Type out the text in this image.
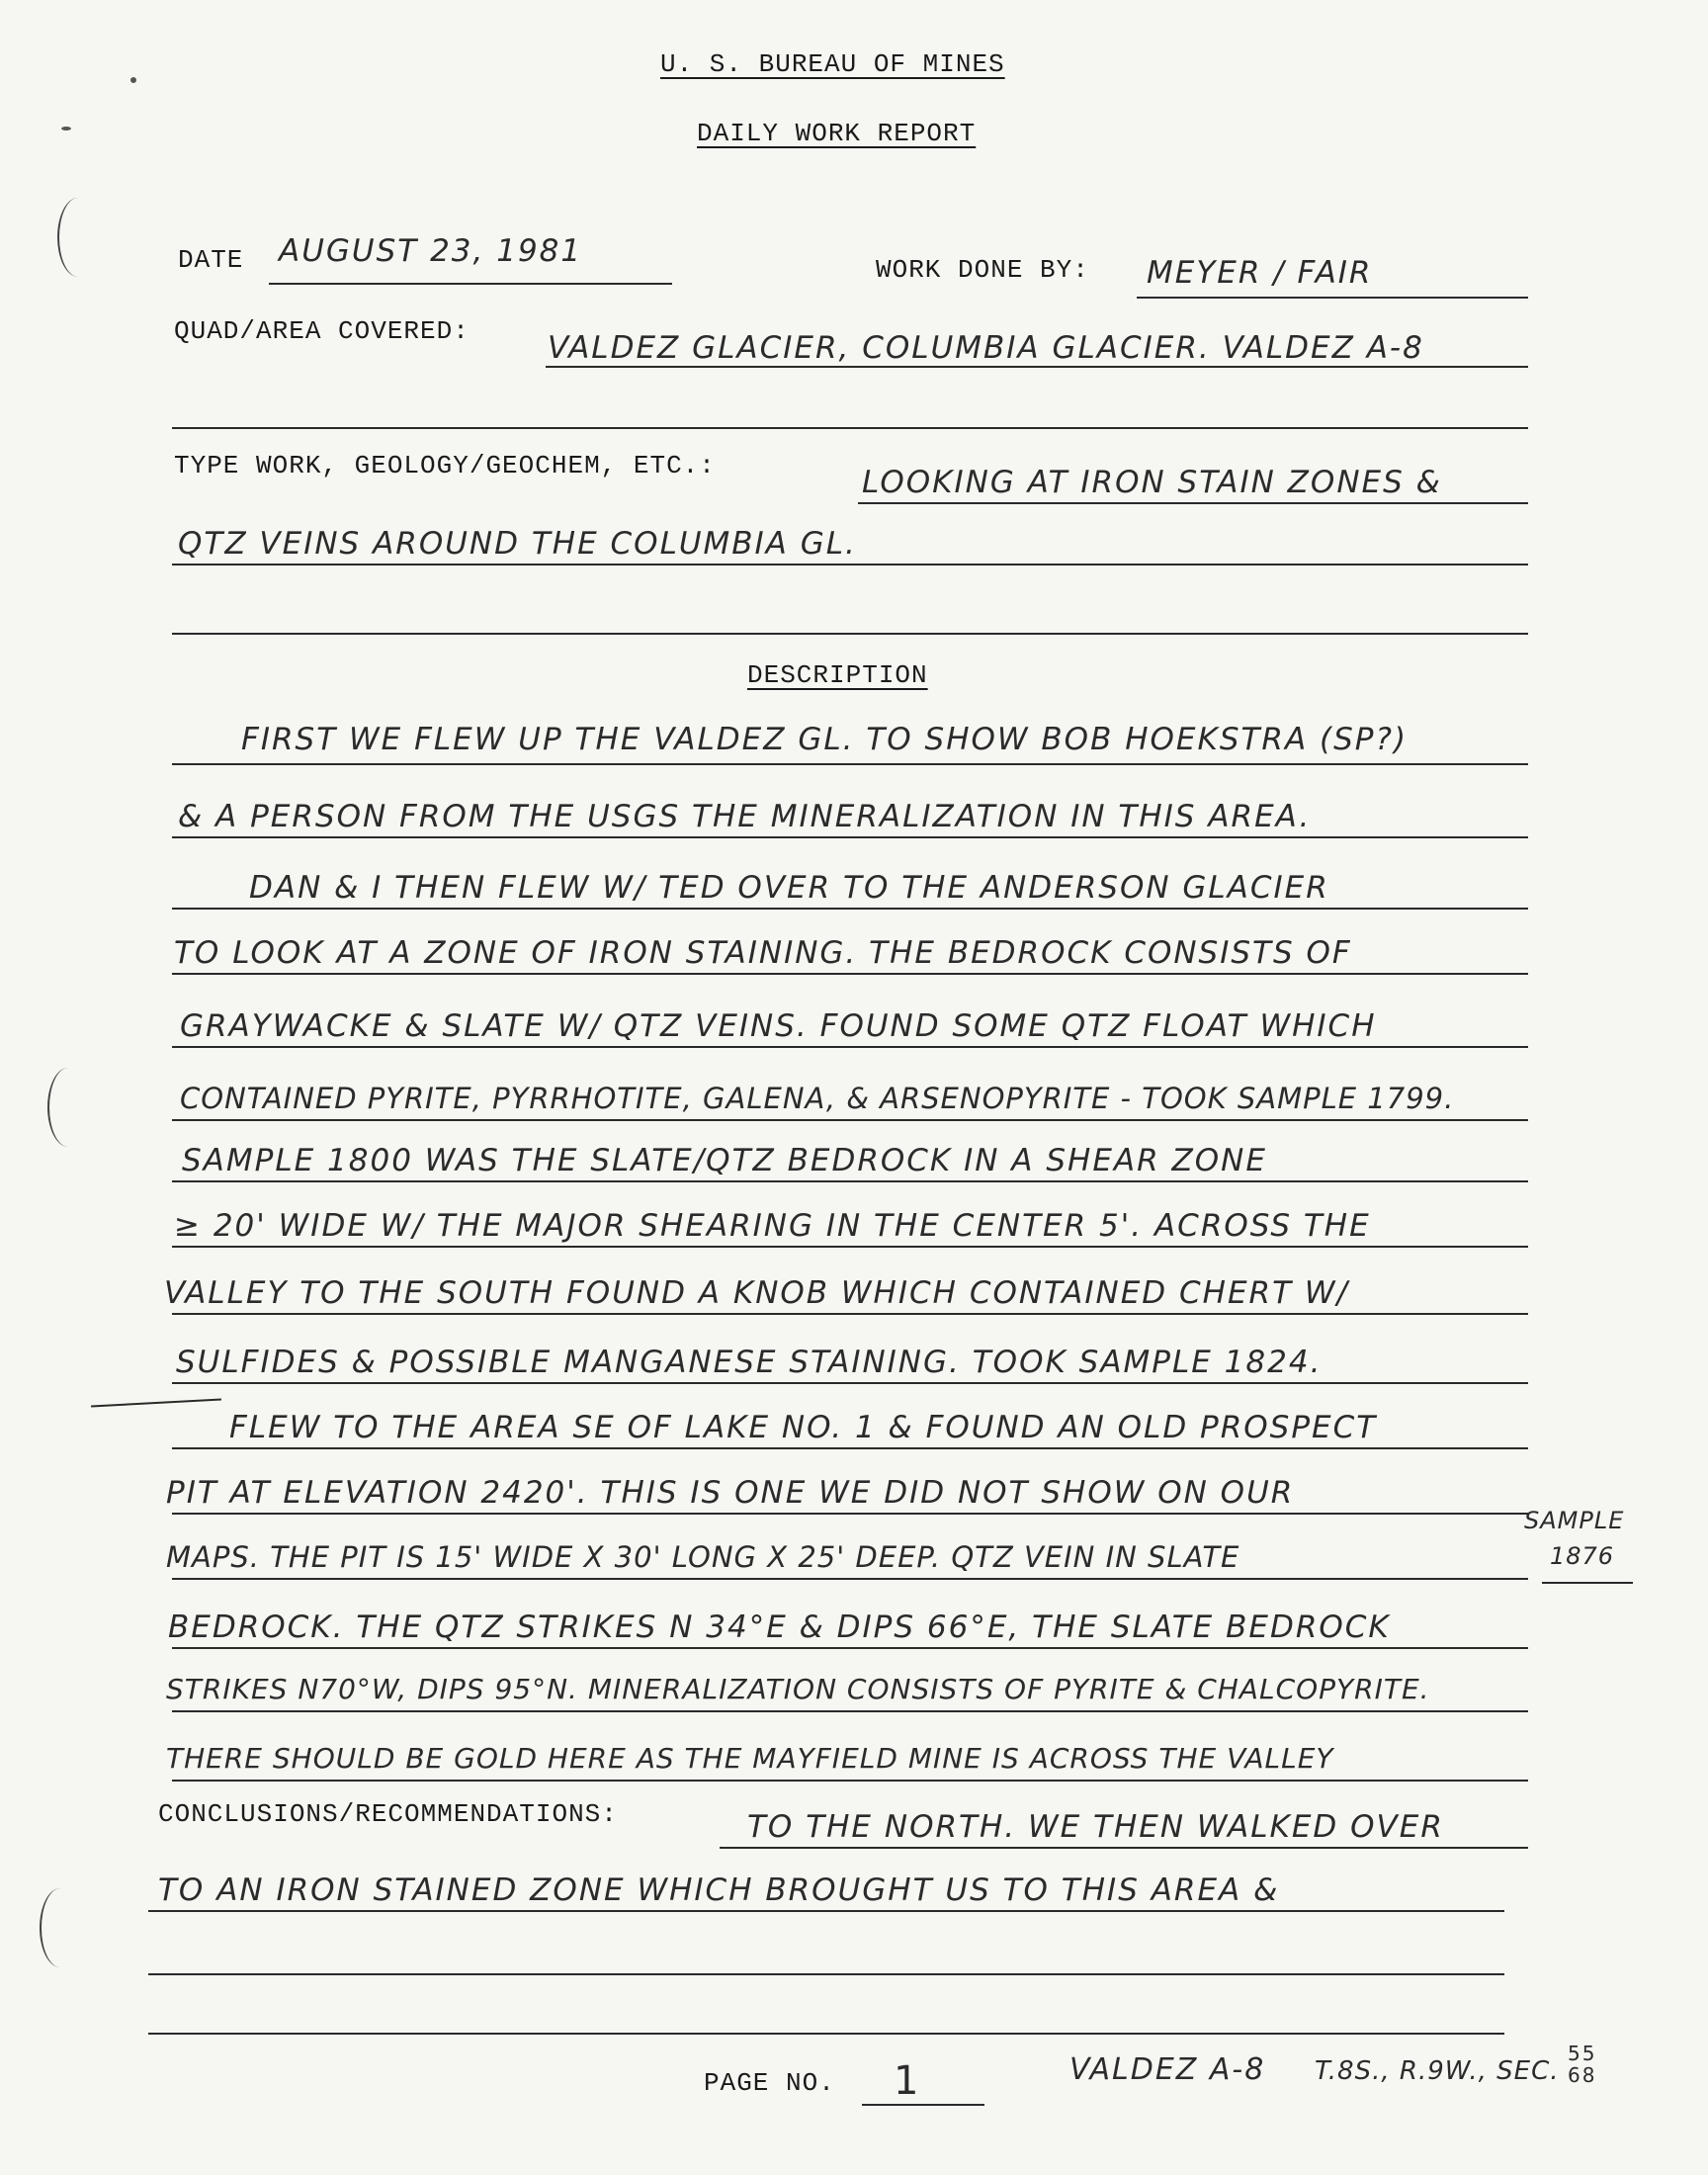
U. S. BUREAU OF MINES
DAILY WORK REPORT
DATE AUGUST 23, 1981
WORK DONE BY: MEYER / FAIR
QUAD/AREA COVERED:	VALDEZ GLACIER, COLUMBIA GLACIER. VALDEZ A-8
TYPE WORK, GEOLOGY/GEOCHEM, ETC.:	LOOKING AT IRON STAIN ZONES &
QTZ VEINS AROUND THE COLUMBIA GL.
DESCRIPTION
FIRST WE FLEW UP THE VALDEZ GL. TO SHOW BOB HOEKSTRA (SP?)
& A PERSON FROM THE USGS THE MINERALIZATION IN THIS AREA.
DAN & I THEN FLEW W/ TED OVER TO THE ANDERSON GLACIER
TO LOOK AT A ZONE OF IRON STAINING. THE BEDROCK CONSISTS OF
GRAYWACKE & SLATE W/ QTZ VEINS. FOUND SOME QTZ FLOAT WHICH
CONTAINED PYRITE, PYRRHOTITE, GALENA, & ARSENOPYRITE - TOOK SAMPLE 1799.
SAMPLE 1800 WAS THE SLATE/QTZ BEDROCK IN A SHEAR ZONE
≥ 20' WIDE W/ THE MAJOR SHEARING IN THE CENTER 5'. ACROSS THE
VALLEY TO THE SOUTH FOUND A KNOB WHICH CONTAINED CHERT W/
SULFIDES & POSSIBLE MANGANESE STAINING. TOOK SAMPLE 1824.
FLEW TO THE AREA SE OF LAKE NO. 1 & FOUND AN OLD PROSPECT
PIT AT ELEVATION 2420'. THIS IS ONE WE DID NOT SHOW ON OUR
SAMPLE
1876
MAPS. THE PIT IS 15' WIDE X 30' LONG X 25' DEEP. QTZ VEIN IN SLATE
BEDROCK. THE QTZ STRIKES N 34°E & DIPS 66°E, THE SLATE BEDROCK
STRIKES N70°W, DIPS 95°N. MINERALIZATION CONSISTS OF PYRITE & CHALCOPYRITE.
THERE SHOULD BE GOLD HERE AS THE MAYFIELD MINE IS ACROSS THE VALLEY
CONCLUSIONS/RECOMMENDATIONS:	TO THE NORTH. WE THEN WALKED OVER
TO AN IRON STAINED ZONE WHICH BROUGHT US TO THIS AREA &
PAGE NO. 1	VALDEZ A-8 T.8S., R.9W., SEC.
55 68
